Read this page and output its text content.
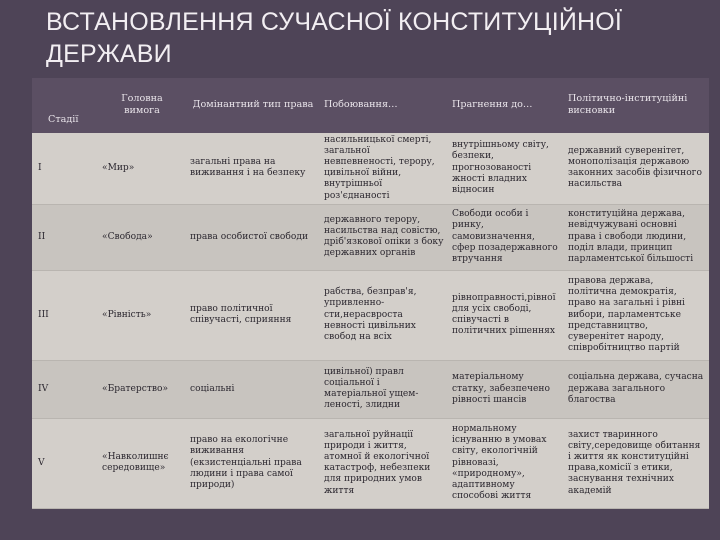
ВСТАНОВЛЕННЯ СУЧАСНОЇ КОНСТИТУЦІЙНОЇ ДЕРЖАВИ
Стадії	Головна вимога	Домінантний тип права	Побоювання…	Прагнення до…	Політично-інституційні висновки
I	«Мир»	загальні права на виживання і на безпеку	насильницької смерті, загальної невпевненості, терору, цивільної війни, внутрішньої роз'єднаності	внутрішньому світу, безпеки, прогнозованості жності владних відносин	державний суверенітет, монополізація державою законних засобів фізичного насильства
II	«Свобода»	права особистої свободи	державного терору, насильства над совістю, дріб'язкової опіки з боку державних органів	Свободи особи і ринку, самовизначення, сфер позадержавного втручання	конституційна держава, невідчужувані основні права і свободи людини, поділ влади, принцип парламентської більшості
III	«Рівність»	право політичної співучасті, сприяння	рабства, безправ'я, упривленно-сти,нерасвроста невності цивільних свобод на всіх	рівноправності,рівної для усіх свободі, співучасті в політичних рішеннях	правова держава, політична демократія, право на загальні і рівні вибори, парламентське представництво, суверенітет народу, співробітництво партій
IV	«Братерство»	соціальні	цивільної) правл соціальної і матеріальної ущем-леності, злидни	матеріальному статку, забезпечено рівності шансів	соціальна держава, сучасна держава загального благоства
V	«Навколишнє середовище»	право на екологічне виживання (екзистенціальні права людини і права самої природи)	загальної руйнації природи і життя, атомної й екологічної катастроф, небезпеки для природних умов життя	нормальному існуванню в умовах світу, екологічній рівновазі, «природному», адаптивному способові життя	захист тваринного світу,середовище обитання і життя як конституційні права,комісії з етики, заснування технічних академій
